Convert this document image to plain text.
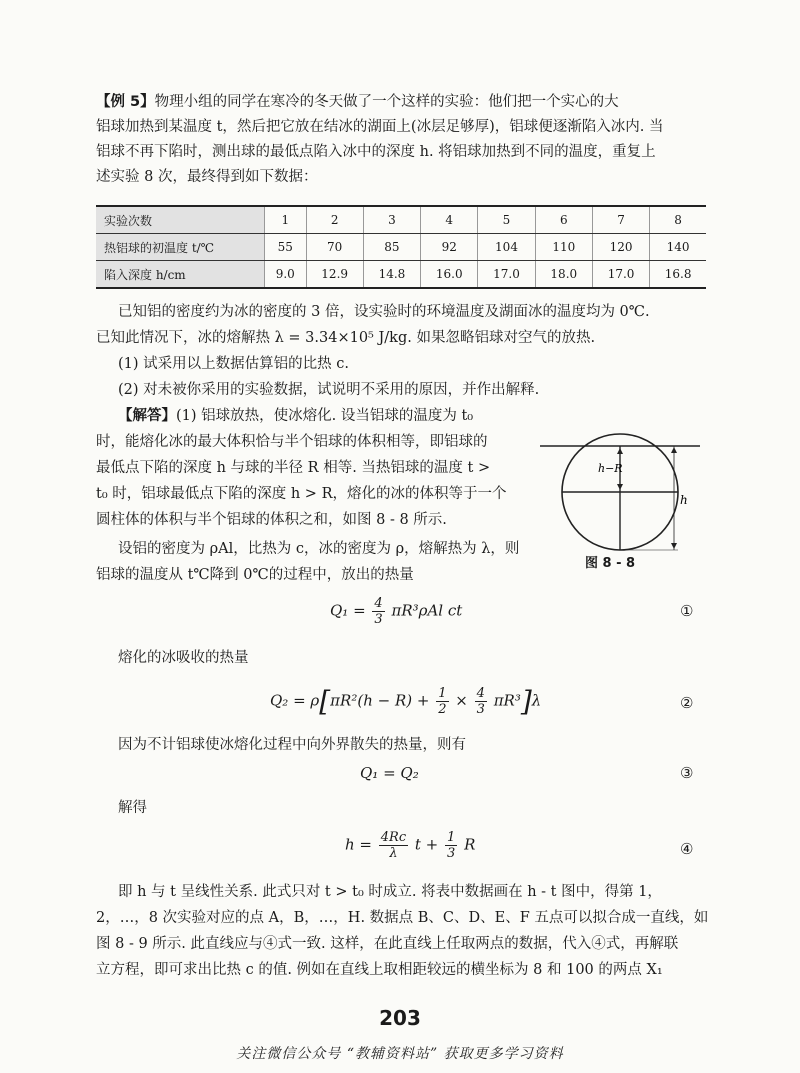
【例 5】物理小组的同学在寒冷的冬天做了一个这样的实验：他们把一个实心的大
铝球加热到某温度 t，然后把它放在结冰的湖面上(冰层足够厚)，铝球便逐渐陷入冰内. 当
铝球不再下陷时，测出球的最低点陷入冰中的深度 h. 将铝球加热到不同的温度，重复上
述实验 8 次，最终得到如下数据：
实验次数	1	2	3	4	5	6	7	8
热铝球的初温度 t/℃	55	70	85	92	104	110	120	140
陷入深度 h/cm	9.0	12.9	14.8	16.0	17.0	18.0	17.0	16.8
已知铝的密度约为冰的密度的 3 倍，设实验时的环境温度及湖面冰的温度均为 0℃.
已知此情况下，冰的熔解热 λ = 3.34×10⁵ J/kg. 如果忽略铝球对空气的放热.
(1) 试采用以上数据估算铝的比热 c.
(2) 对未被你采用的实验数据，试说明不采用的原因，并作出解释.
【解答】(1) 铝球放热，使冰熔化. 设当铝球的温度为 t₀
时，能熔化冰的最大体积恰与半个铝球的体积相等，即铝球的
最低点下陷的深度 h 与球的半径 R 相等. 当热铝球的温度 t >
t₀ 时，铝球最低点下陷的深度 h > R，熔化的冰的体积等于一个
圆柱体的体积与半个铝球的体积之和，如图 8 - 8 所示.
设铝的密度为 ρAl，比热为 c，冰的密度为 ρ，熔解热为 λ，则
铝球的温度从 t℃降到 0℃的过程中，放出的热量
h−R
h
图 8 - 8
$Q_1 = \frac{4}{3} \pi R^3\rho Al$ ct	①
熔化的冰吸收的热量
$Q_2 = \rho[\pi R^2(h - R) + \frac{1}{2} \times \frac{4}{3} \pi R^3]\lambda$	②
因为不计铝球使冰熔化过程中向外界散失的热量，则有
Q₁ = Q₂	③
解得
$h = \frac{4Rc}{\lambda}$ $t + \frac{1}{3}$ R	④
即 h 与 t 呈线性关系. 此式只对 t > t₀ 时成立. 将表中数据画在 h - t 图中，得第 1，
2，…，8 次实验对应的点 A，B，…，H. 数据点 B、C、D、E、F 五点可以拟合成一直线，如
图 8 - 9 所示. 此直线应与④式一致. 这样，在此直线上任取两点的数据，代入④式，再解联
立方程，即可求出比热 c 的值. 例如在直线上取相距较远的横坐标为 8 和 100 的两点 X₁
203
关注微信公众号 “教辅资料站” 获取更多学习资料
